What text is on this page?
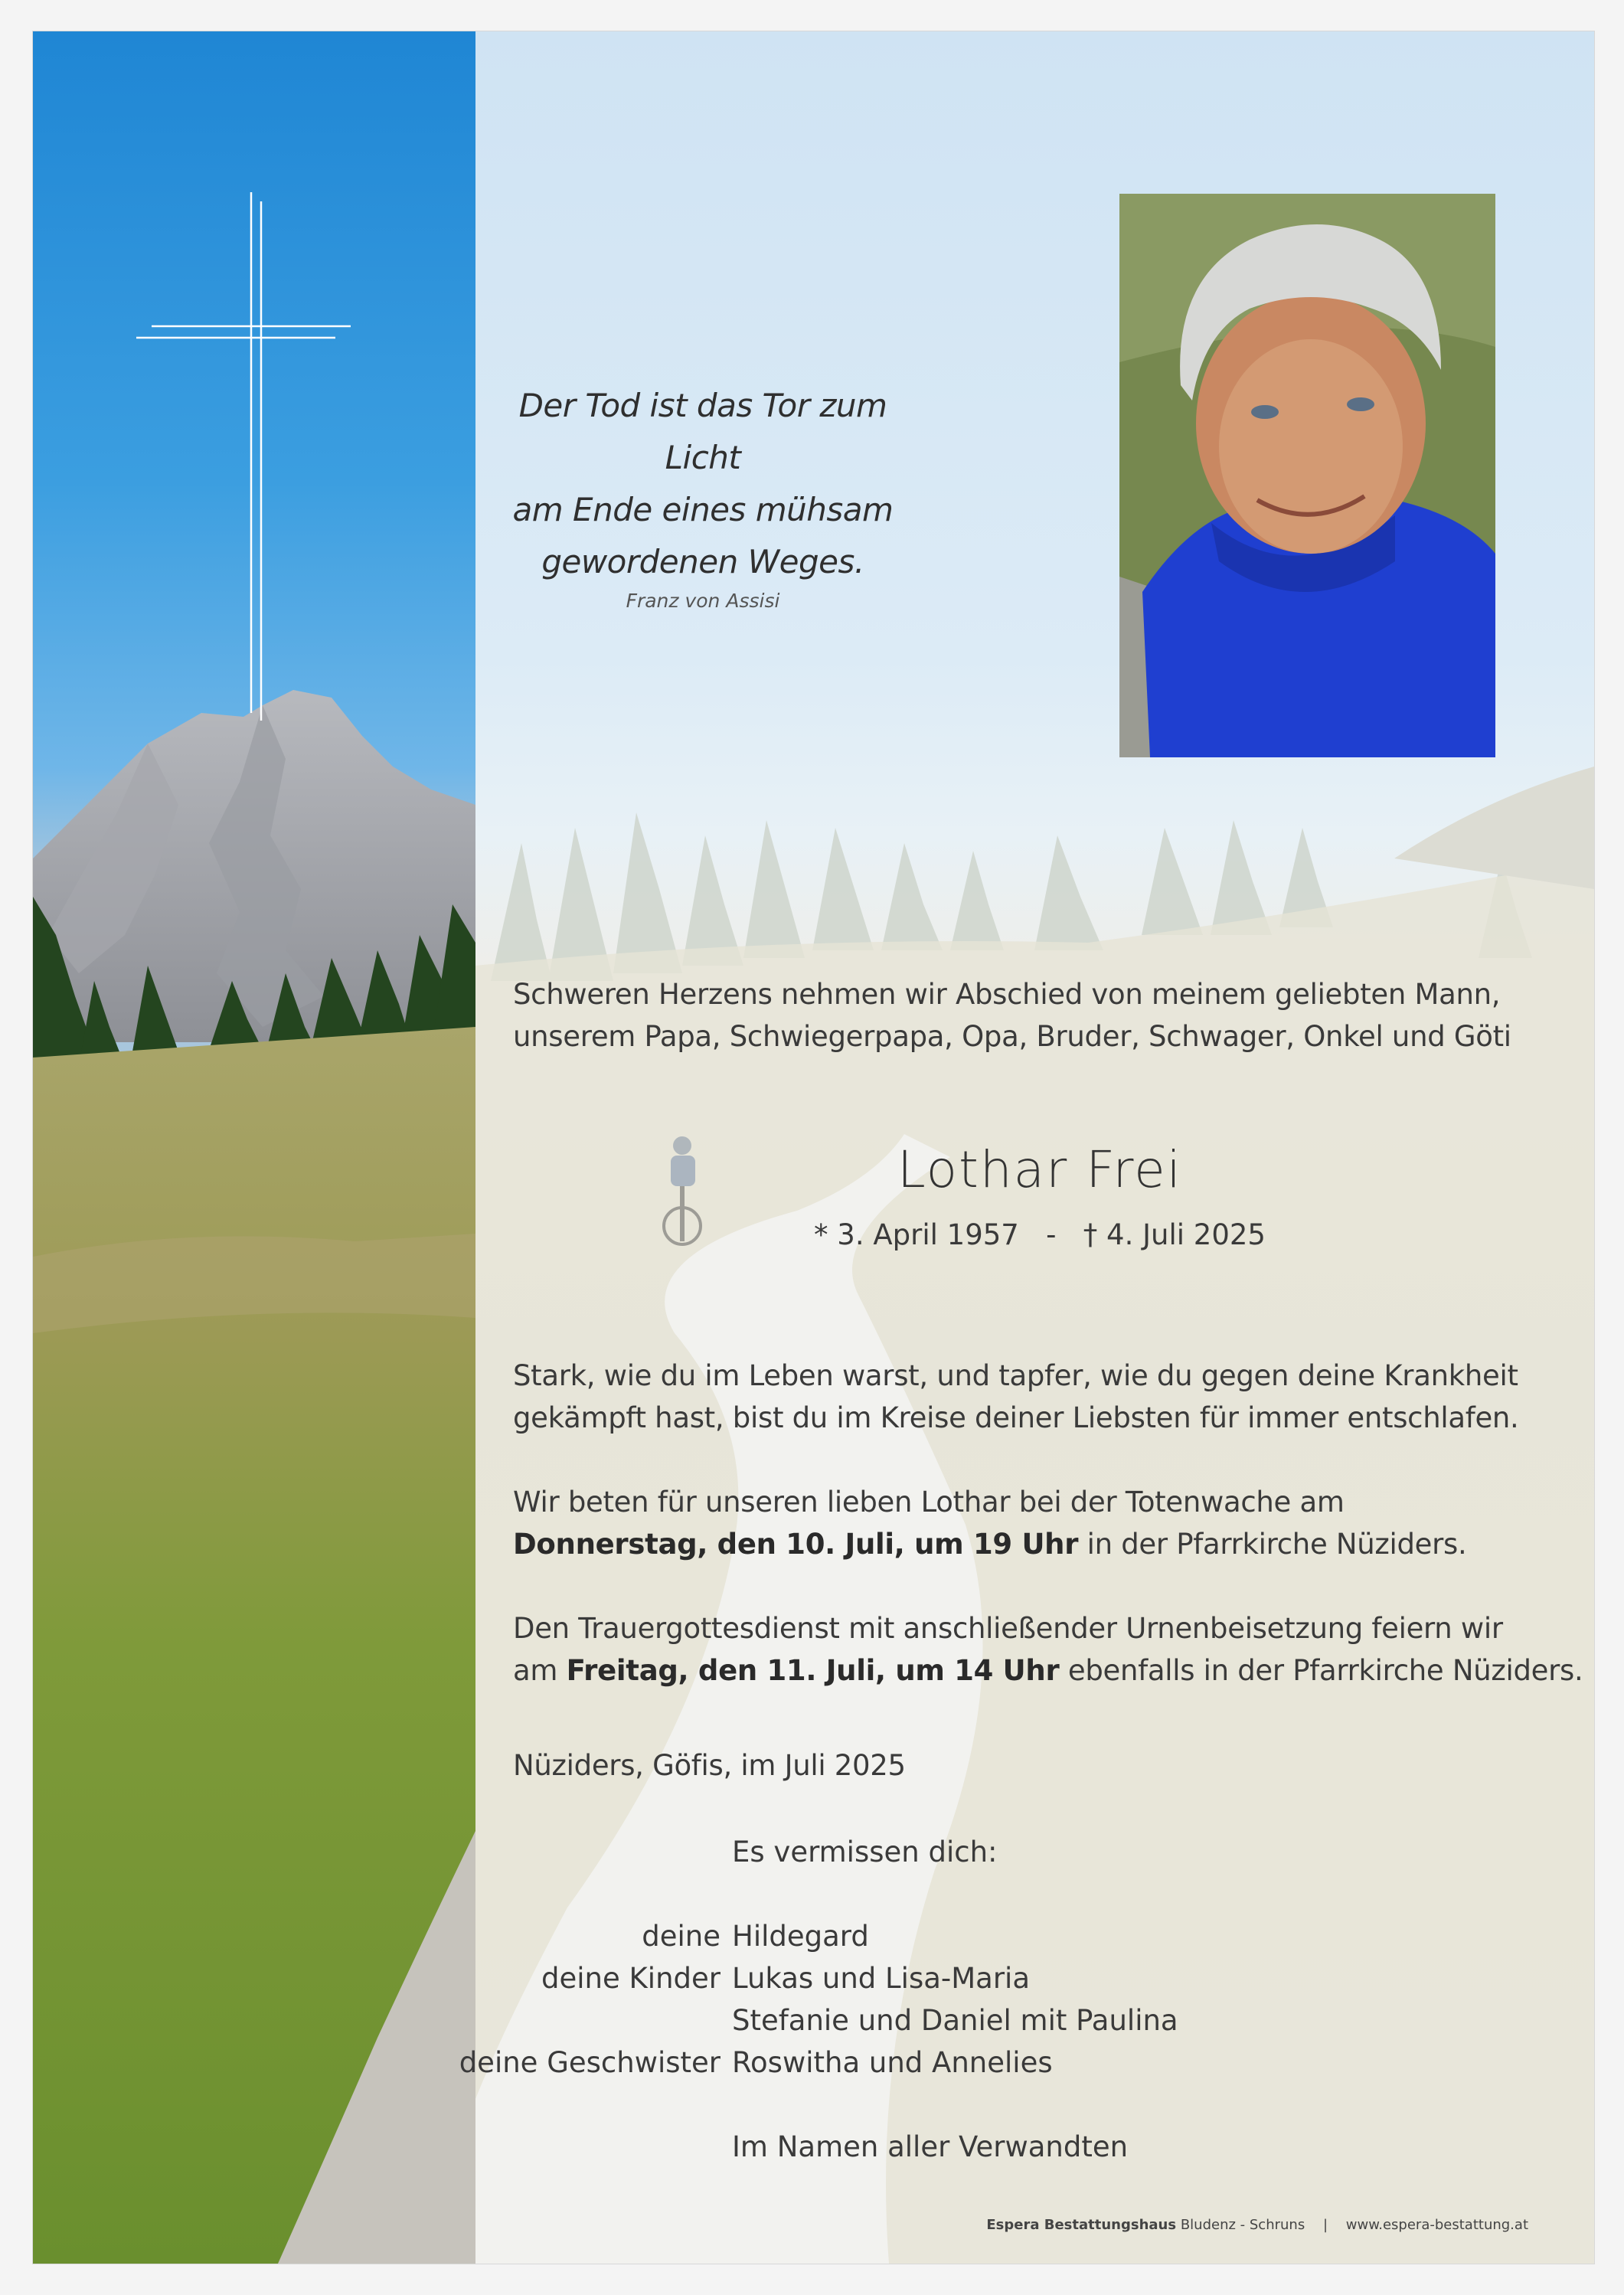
Der Tod ist das Tor zum Licht
am Ende eines mühsam
gewordenen Weges.
Franz von Assisi
Schweren Herzens nehmen wir Abschied von meinem geliebten Mann,
unserem Papa, Schwiegerpapa, Opa, Bruder, Schwager, Onkel und Göti
Lothar Frei
* 3. April 1957 - † 4. Juli 2025
Stark, wie du im Leben warst, und tapfer, wie du gegen deine Krankheit
gekämpft hast, bist du im Kreise deiner Liebsten für immer entschlafen.
Wir beten für unseren lieben Lothar bei der Totenwache am
Donnerstag, den 10. Juli, um 19 Uhr in der Pfarrkirche Nüziders.
Den Trauergottesdienst mit anschließender Urnenbeisetzung feiern wir
am Freitag, den 11. Juli, um 14 Uhr ebenfalls in der Pfarrkirche Nüziders.
Nüziders, Göfis, im Juli 2025
Es vermissen dich:
deine Hildegard
deine Kinder Lukas und Lisa-Maria
Stefanie und Daniel mit Paulina
deine Geschwister Roswitha und Annelies
Im Namen aller Verwandten
Espera Bestattungshaus Bludenz - Schruns | www.espera-bestattung.at
